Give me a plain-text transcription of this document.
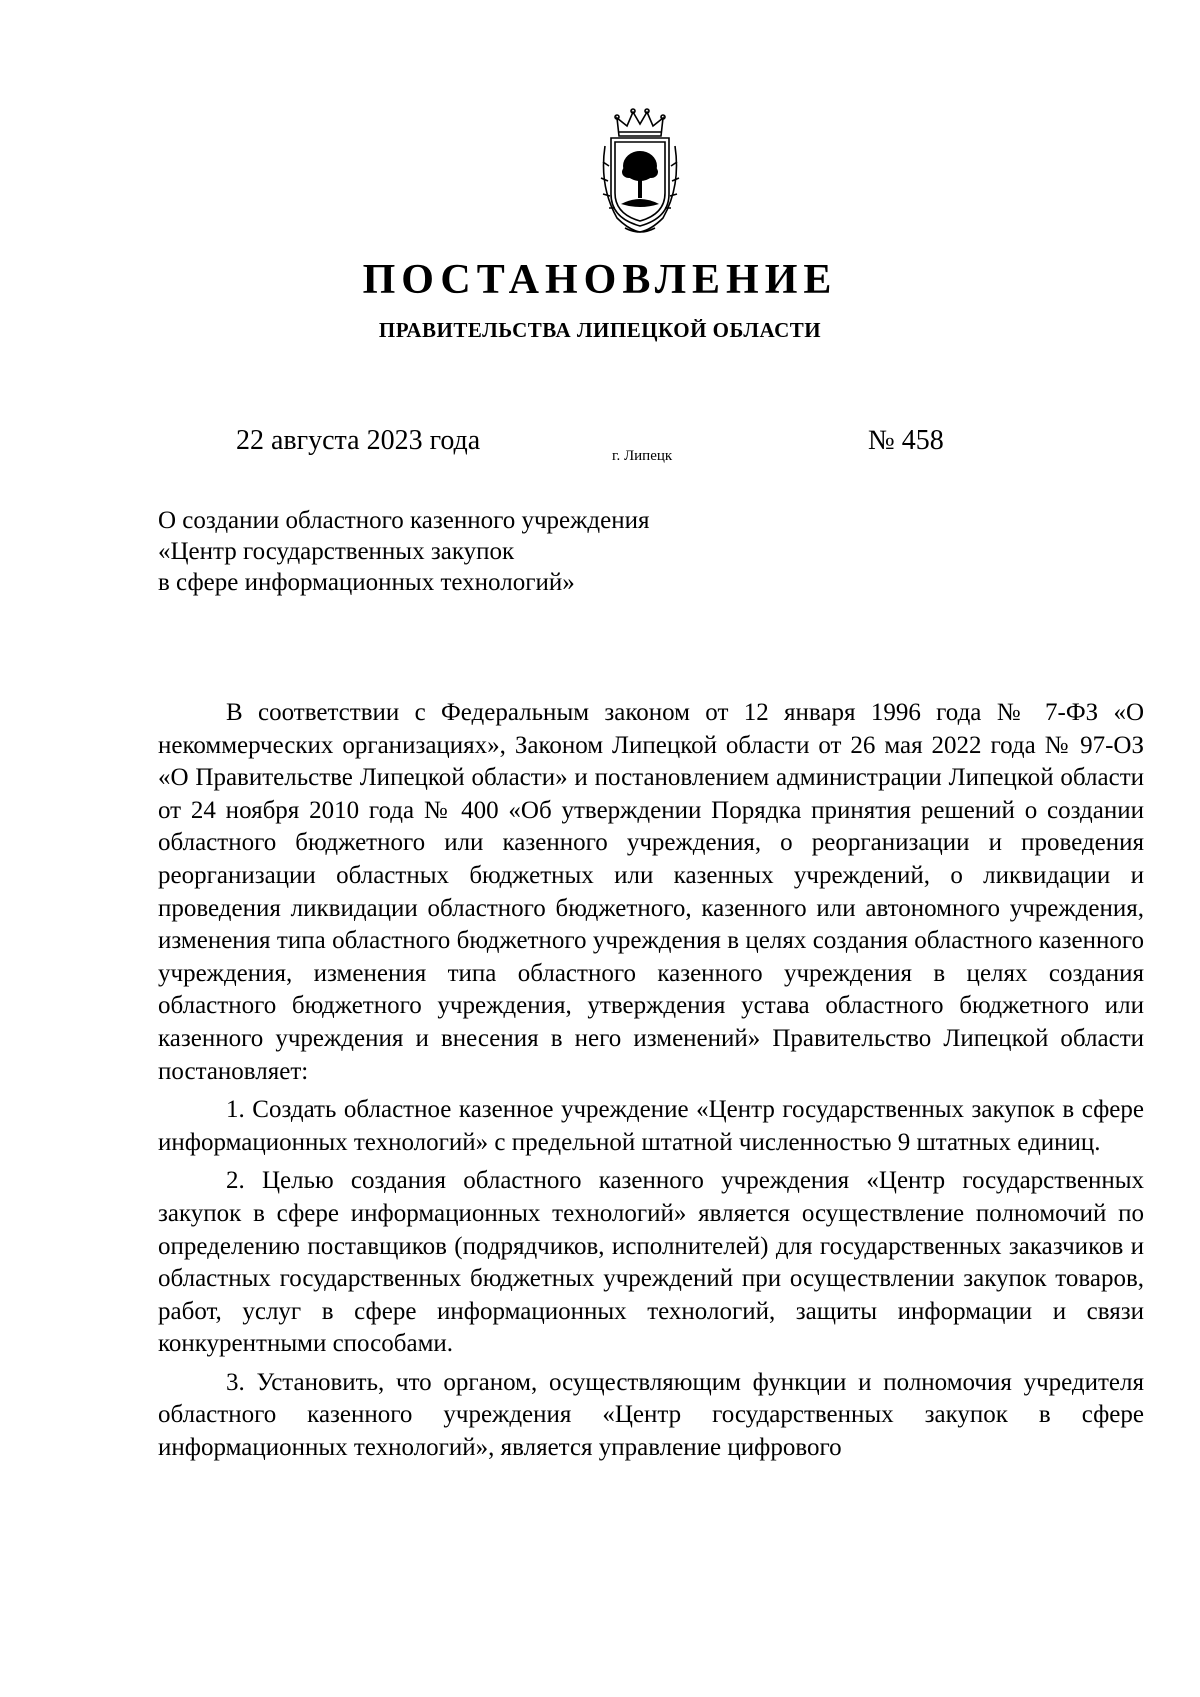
ПОСТАНОВЛЕНИЕ
ПРАВИТЕЛЬСТВА ЛИПЕЦКОЙ ОБЛАСТИ
22 августа 2023 года	г. Липецк	№ 458
О создании областного казенного учреждения
«Центр государственных закупок
в сфере информационных технологий»

В соответствии с Федеральным законом от 12 января 1996 года № 7-ФЗ «О некоммерческих организациях», Законом Липецкой области от 26 мая 2022 года № 97-ОЗ «О Правительстве Липецкой области» и постановлением администрации Липецкой области от 24 ноября 2010 года № 400 «Об утверждении Порядка принятия решений о создании областного бюджетного или казенного учреждения, о реорганизации и проведения реорганизации областных бюджетных или казенных учреждений, о ликвидации и проведения ликвидации областного бюджетного, казенного или автономного учреждения, изменения типа областного бюджетного учреждения в целях создания областного казенного учреждения, изменения типа областного казенного учреждения в целях создания областного бюджетного учреждения, утверждения устава областного бюджетного или казенного учреждения и внесения в него изменений» Правительство Липецкой области постановляет:

1. Создать областное казенное учреждение «Центр государственных закупок в сфере информационных технологий» с предельной штатной численностью 9 штатных единиц.

2. Целью создания областного казенного учреждения «Центр государственных закупок в сфере информационных технологий» является осуществление полномочий по определению поставщиков (подрядчиков, исполнителей) для государственных заказчиков и областных государственных бюджетных учреждений при осуществлении закупок товаров, работ, услуг в сфере информационных технологий, защиты информации и связи конкурентными способами.

3. Установить, что органом, осуществляющим функции и полномочия учредителя областного казенного учреждения «Центр государственных закупок в сфере информационных технологий», является управление цифрового
